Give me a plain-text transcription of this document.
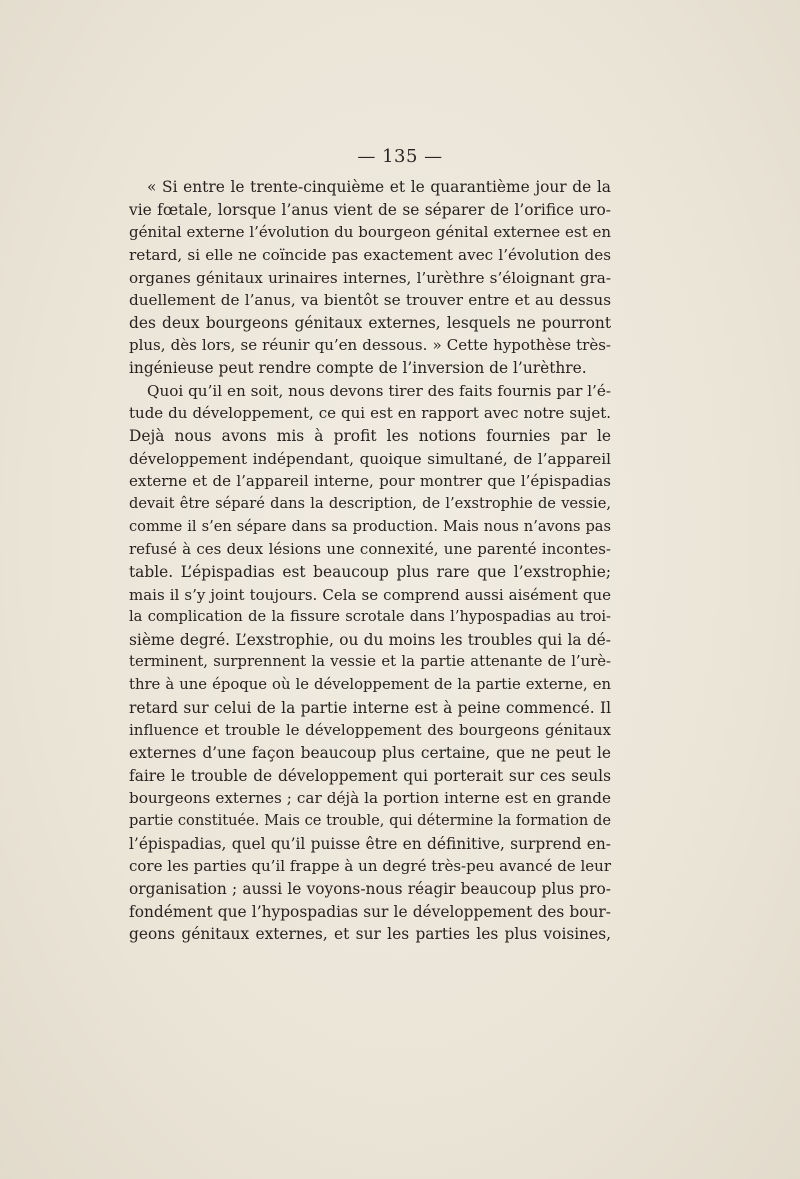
— 135 —
« Si entre le trente-cinquième et le quarantième jour de la
vie fœtale, lorsque l’anus vient de se séparer de l’orifice uro-
génital externe l’évolution du bourgeon génital externee est en
retard, si elle ne coïncide pas exactement avec l’évolution des
organes génitaux urinaires internes, l’urèthre s’éloignant gra-
duellement de l’anus, va bientôt se trouver entre et au dessus
des deux bourgeons génitaux externes, lesquels ne pourront
plus, dès lors, se réunir qu’en dessous. » Cette hypothèse très-
ingénieuse peut rendre compte de l’inversion de l’urèthre.
Quoi qu’il en soit, nous devons tirer des faits fournis par l’é-
tude du développement, ce qui est en rapport avec notre sujet.
Dejà nous avons mis à profit les notions fournies par le
développement indépendant, quoique simultané, de l’appareil
externe et de l’appareil interne, pour montrer que l’épispadias
devait être séparé dans la description, de l’exstrophie de vessie,
comme il s’en sépare dans sa production. Mais nous n’avons pas
refusé à ces deux lésions une connexité, une parenté incontes-
table. L’épispadias est beaucoup plus rare que l’exstrophie;
mais il s’y joint toujours. Cela se comprend aussi aisément que
la complication de la fissure scrotale dans l’hypospadias au troi-
sième degré. L’exstrophie, ou du moins les troubles qui la dé-
terminent, surprennent la vessie et la partie attenante de l’urè-
thre à une époque où le développement de la partie externe, en
retard sur celui de la partie interne est à peine commencé. Il
influence et trouble le développement des bourgeons génitaux
externes d’une façon beaucoup plus certaine, que ne peut le
faire le trouble de développement qui porterait sur ces seuls
bourgeons externes ; car déjà la portion interne est en grande
partie constituée. Mais ce trouble, qui détermine la formation de
l’épispadias, quel qu’il puisse être en définitive, surprend en-
core les parties qu’il frappe à un degré très-peu avancé de leur
organisation ; aussi le voyons-nous réagir beaucoup plus pro-
fondément que l’hypospadias sur le développement des bour-
geons génitaux externes, et sur les parties les plus voisines,
